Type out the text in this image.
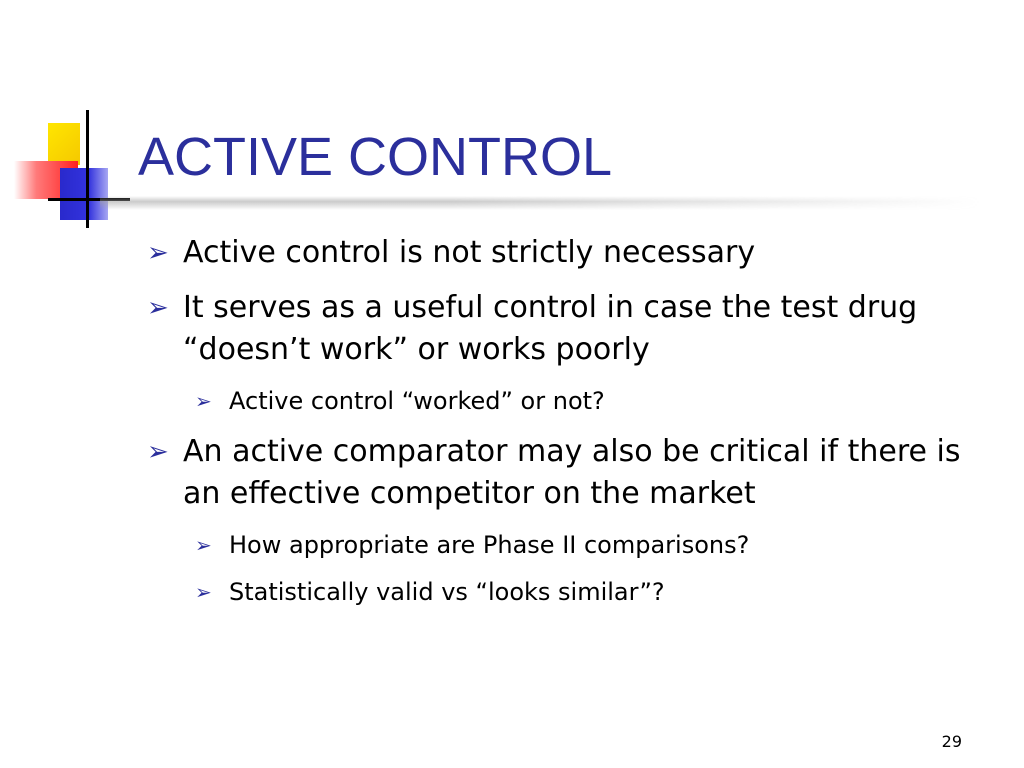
ACTIVE CONTROL
➢ Active control is not strictly necessary
➢ It serves as a useful control in case the test drug “doesn’t work” or works poorly
➢ Active control “worked” or not?
➢ An active comparator may also be critical if there is an effective competitor on the market
➢ How appropriate are Phase II comparisons?
➢ Statistically valid vs “looks similar”?
29
